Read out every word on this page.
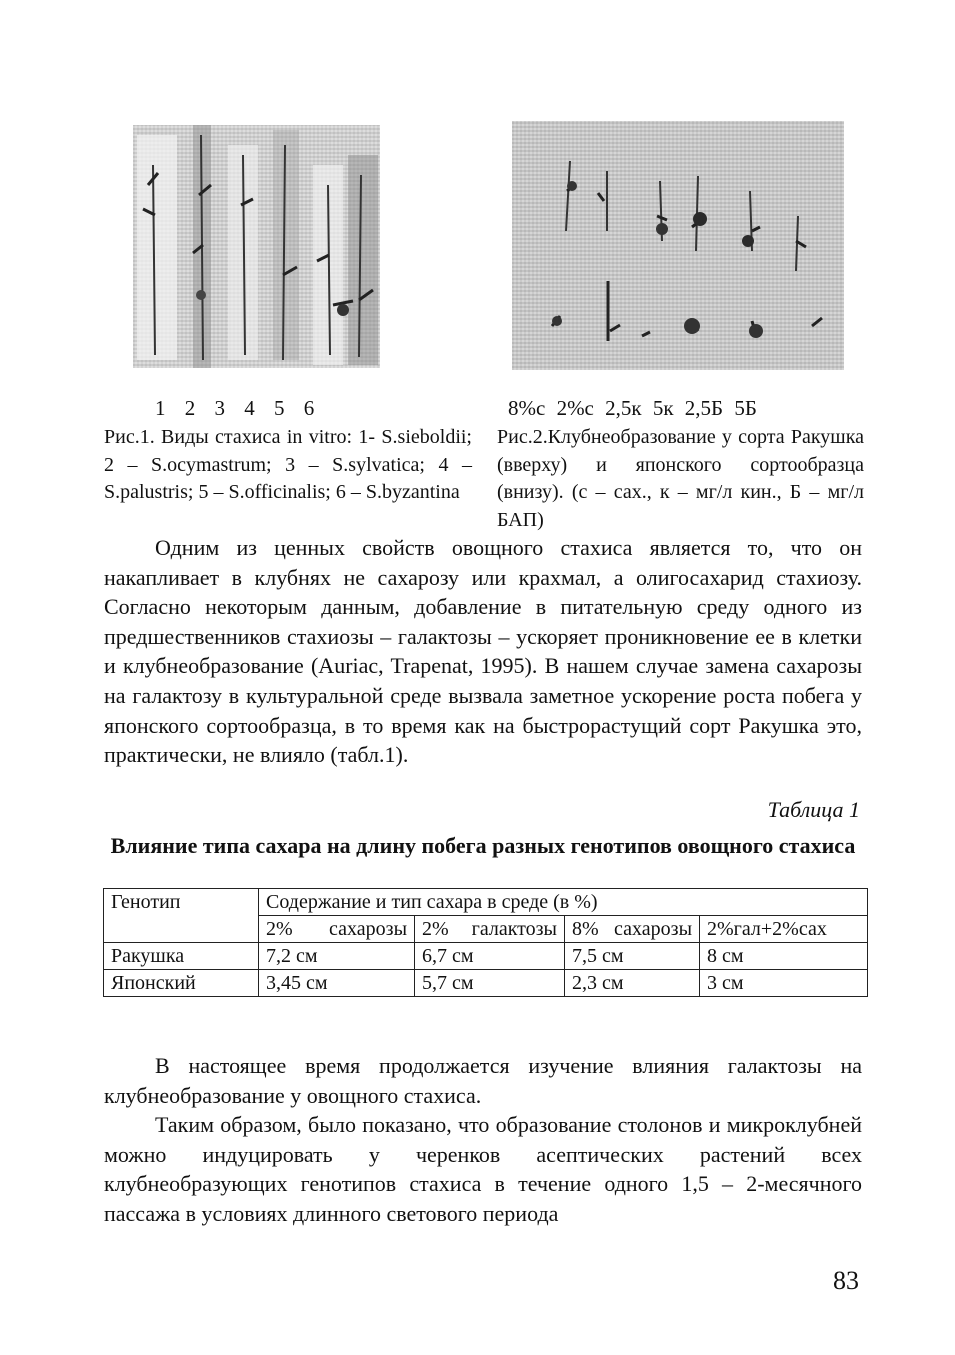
1 2 3 4 5 6	8%с 2%с 2,5к 5к 2,5Б 5Б
Рис.1. Виды стахиса in vitro: 1- S.sieboldii; 2 – S.ocymastrum; 3 – S.sylvatica; 4 – S.palustris; 5 – S.officinalis; 6 – S.byzantina
Рис.2.Клубнеобразование у сорта Ракушка (вверху) и японского сортообразца (внизу). (с – сах., к – мг/л кин., Б – мг/л БАП)
Одним из ценных свойств овощного стахиса является то, что он накапливает в клубнях не сахарозу или крахмал, а олигосахарид стахиозу. Согласно некоторым данным, добавление в питательную среду одного из предшественников стахиозы – галактозы – ускоряет проникновение ее в клетки и клубнеобразование (Auriac, Trapenat, 1995). В нашем случае замена сахарозы на галактозу в культуральной среде вызвала заметное ускорение роста побега у японского сортообразца, в то время как на быстрорастущий сорт Ракушка это, практически, не влияло (табл.1).
Таблица 1
Влияние типа сахара на длину побега разных генотипов овощного стахиса
Генотип	Содержание и тип сахара в среде (в %)			
	2% сахарозы	2% галактозы	8% сахарозы	2%гал+2%сах
Ракушка	7,2 см	6,7 см	7,5 см	8 см
Японский	3,45 см	5,7 см	2,3 см	3 см
В настоящее время продолжается изучение влияния галактозы на клубнеобразование у овощного стахиса.
Таким образом, было показано, что образование столонов и микроклубней можно индуцировать у черенков асептических растений всех клубнеобразующих генотипов стахиса в течение одного 1,5 – 2-месячного пассажа в условиях длинного светового периода
83
